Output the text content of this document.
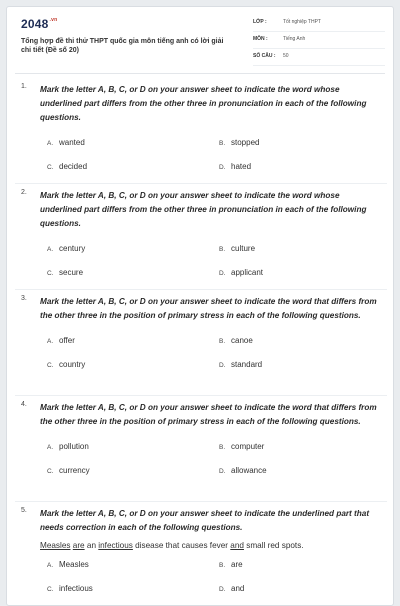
$2048^{.vn}$
Tổng hợp đề thi thử THPT quốc gia môn tiếng anh có lời giải chi tiết (Đề số 20)
LỚP :	Tốt nghiệp THPT
MÔN :	Tiếng Anh
SỐ CÂU :	50
1. Mark the letter A, B, C, or D on your answer sheet to indicate the word whose underlined part differs from the other three in pronunciation in each of the following questions.
A. wanted	B. stopped
C. decided	D. hated
2. Mark the letter A, B, C, or D on your answer sheet to indicate the word whose underlined part differs from the other three in pronunciation in each of the following questions.
A. century	B. culture
C. secure	D. applicant
3. Mark the letter A, B, C, or D on your answer sheet to indicate the word that differs from the other three in the position of primary stress in each of the following questions.
A. offer	B. canoe
C. country	D. standard
4. Mark the letter A, B, C, or D on your answer sheet to indicate the word that differs from the other three in the position of primary stress in each of the following questions.
A. pollution	B. computer
C. currency	D. allowance
5. Mark the letter A, B, C, or D on your answer sheet to indicate the underlined part that needs correction in each of the following questions.
Measles are an infectious disease that causes fever and small red spots.
A. Measles	B. are
C. infectious	D. and
